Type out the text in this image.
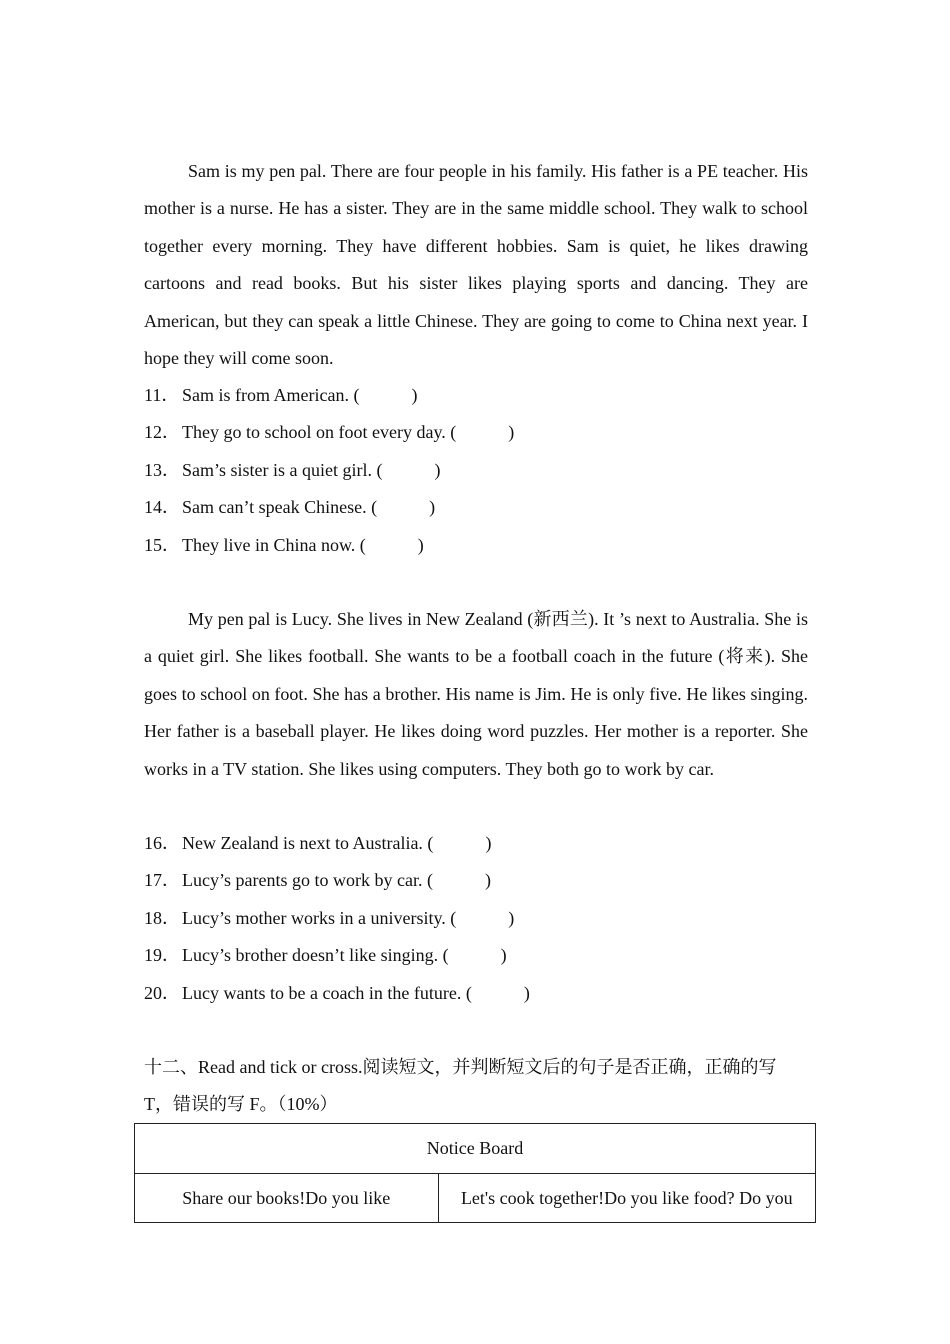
Sam is my pen pal. There are four people in his family. His father is a PE teacher. His mother is a nurse. He has a sister. They are in the same middle school. They walk to school together every morning. They have different hobbies. Sam is quiet, he likes drawing cartoons and read books. But his sister likes playing sports and dancing. They are American, but they can speak a little Chinese. They are going to come to China next year. I hope they will come soon.

11． Sam is from American. (	)
12． They go to school on foot every day. (	)
13． Sam’s sister is a quiet girl. (	)
14． Sam can’t speak Chinese. (	)
15． They live in China now. (	)

My pen pal is Lucy. She lives in New Zealand (新西兰). It ’s next to Australia. She is a quiet girl. She likes football. She wants to be a football coach in the future (将来). She goes to school on foot. She has a brother. His name is Jim. He is only five. He likes singing. Her father is a baseball player. He likes doing word puzzles. Her mother is a reporter. She works in a TV station. She likes using computers. They both go to work by car.

16． New Zealand is next to Australia. (	)
17． Lucy’s parents go to work by car. (	)
18． Lucy’s mother works in a university. (	)
19． Lucy’s brother doesn’t like singing. (	)
20． Lucy wants to be a coach in the future. (	)

十二、Read and tick or cross.阅读短文，并判断短文后的句子是否正确，正确的写 T，错误的写 F。（10%）

Notice Board
Share our books!Do you like	Let's cook together!Do you like food? Do you
